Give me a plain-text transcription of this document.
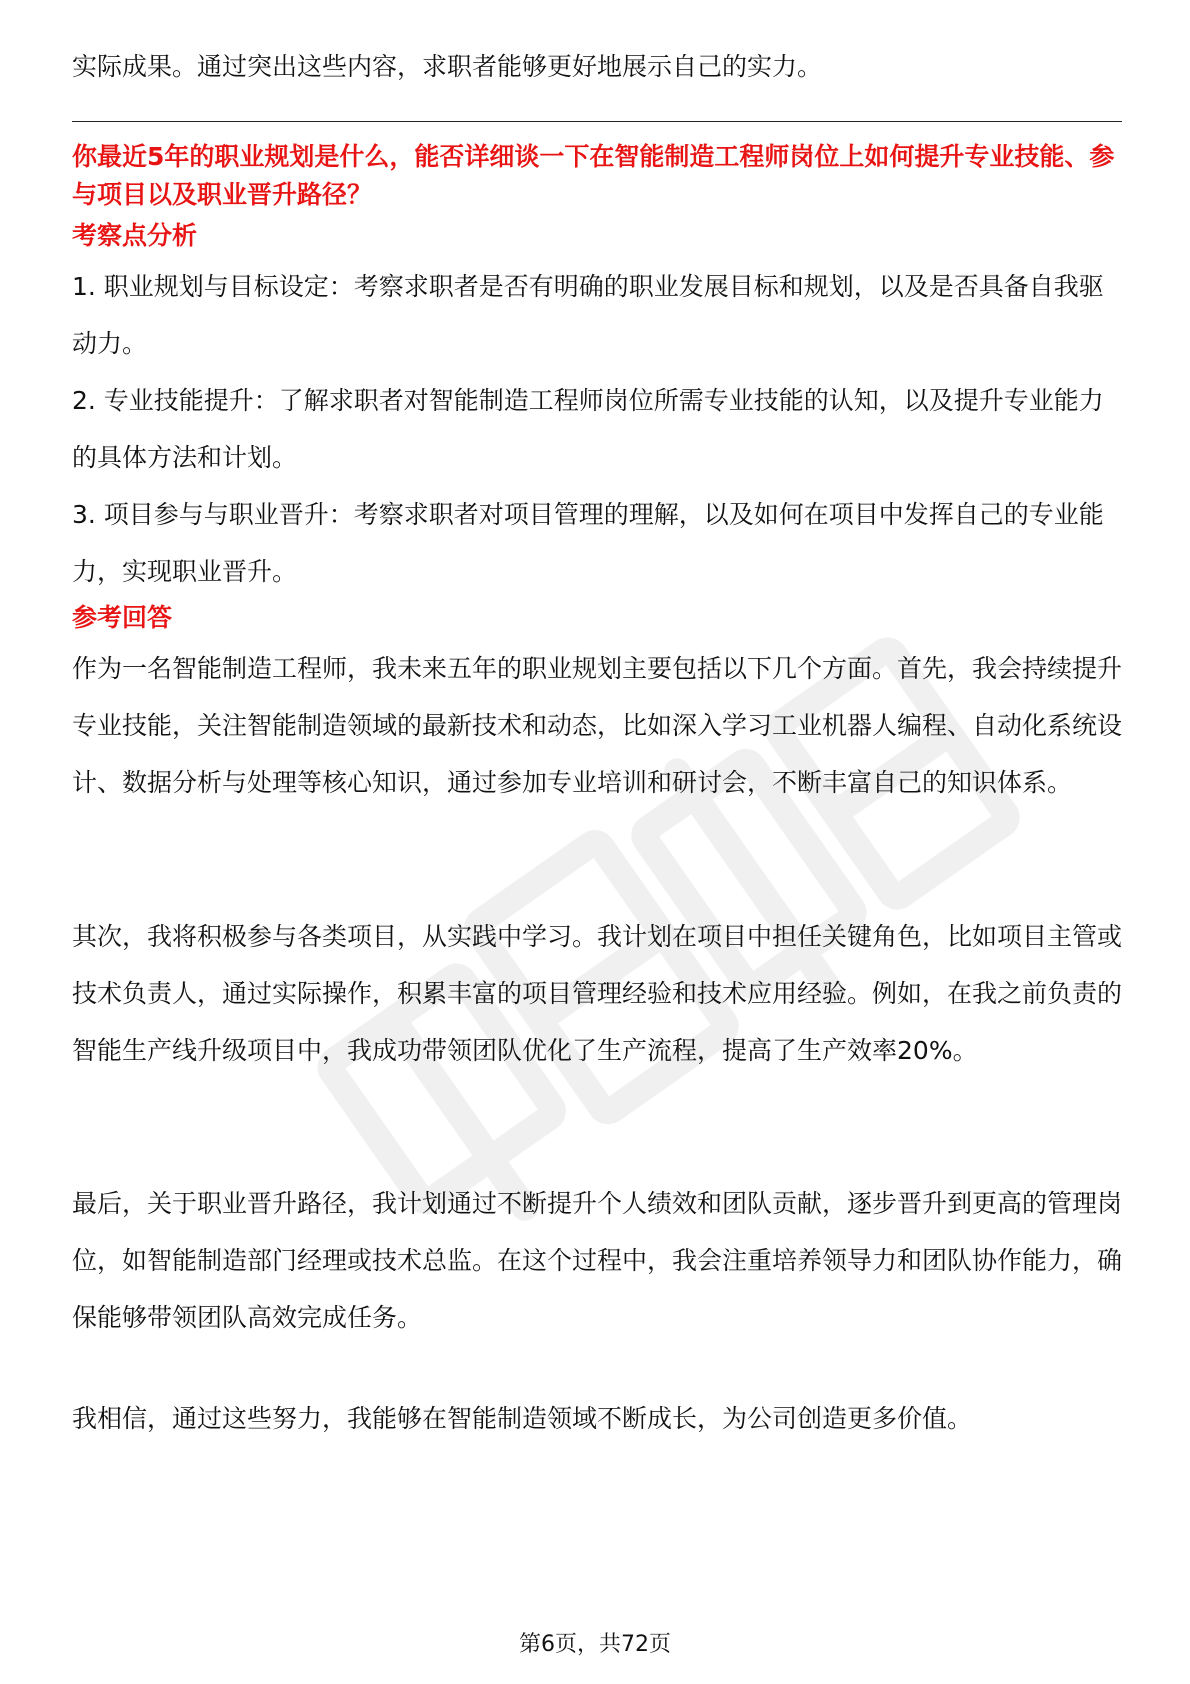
实际成果。通过突出这些内容，求职者能够更好地展示自己的实力。

你最近5年的职业规划是什么，能否详细谈一下在智能制造工程师岗位上如何提升专业技能、参与项目以及职业晋升路径？

考察点分析

1. 职业规划与目标设定：考察求职者是否有明确的职业发展目标和规划，以及是否具备自我驱动力。

2. 专业技能提升：了解求职者对智能制造工程师岗位所需专业技能的认知，以及提升专业能力的具体方法和计划。

3. 项目参与与职业晋升：考察求职者对项目管理的理解，以及如何在项目中发挥自己的专业能力，实现职业晋升。

参考回答

作为一名智能制造工程师，我未来五年的职业规划主要包括以下几个方面。首先，我会持续提升专业技能，关注智能制造领域的最新技术和动态，比如深入学习工业机器人编程、自动化系统设计、数据分析与处理等核心知识，通过参加专业培训和研讨会，不断丰富自己的知识体系。

其次，我将积极参与各类项目，从实践中学习。我计划在项目中担任关键角色，比如项目主管或技术负责人，通过实际操作，积累丰富的项目管理经验和技术应用经验。例如，在我之前负责的智能生产线升级项目中，我成功带领团队优化了生产流程，提高了生产效率20%。

最后，关于职业晋升路径，我计划通过不断提升个人绩效和团队贡献，逐步晋升到更高的管理岗位，如智能制造部门经理或技术总监。在这个过程中，我会注重培养领导力和团队协作能力，确保能够带领团队高效完成任务。

我相信，通过这些努力，我能够在智能制造领域不断成长，为公司创造更多价值。

第6页，共72页
